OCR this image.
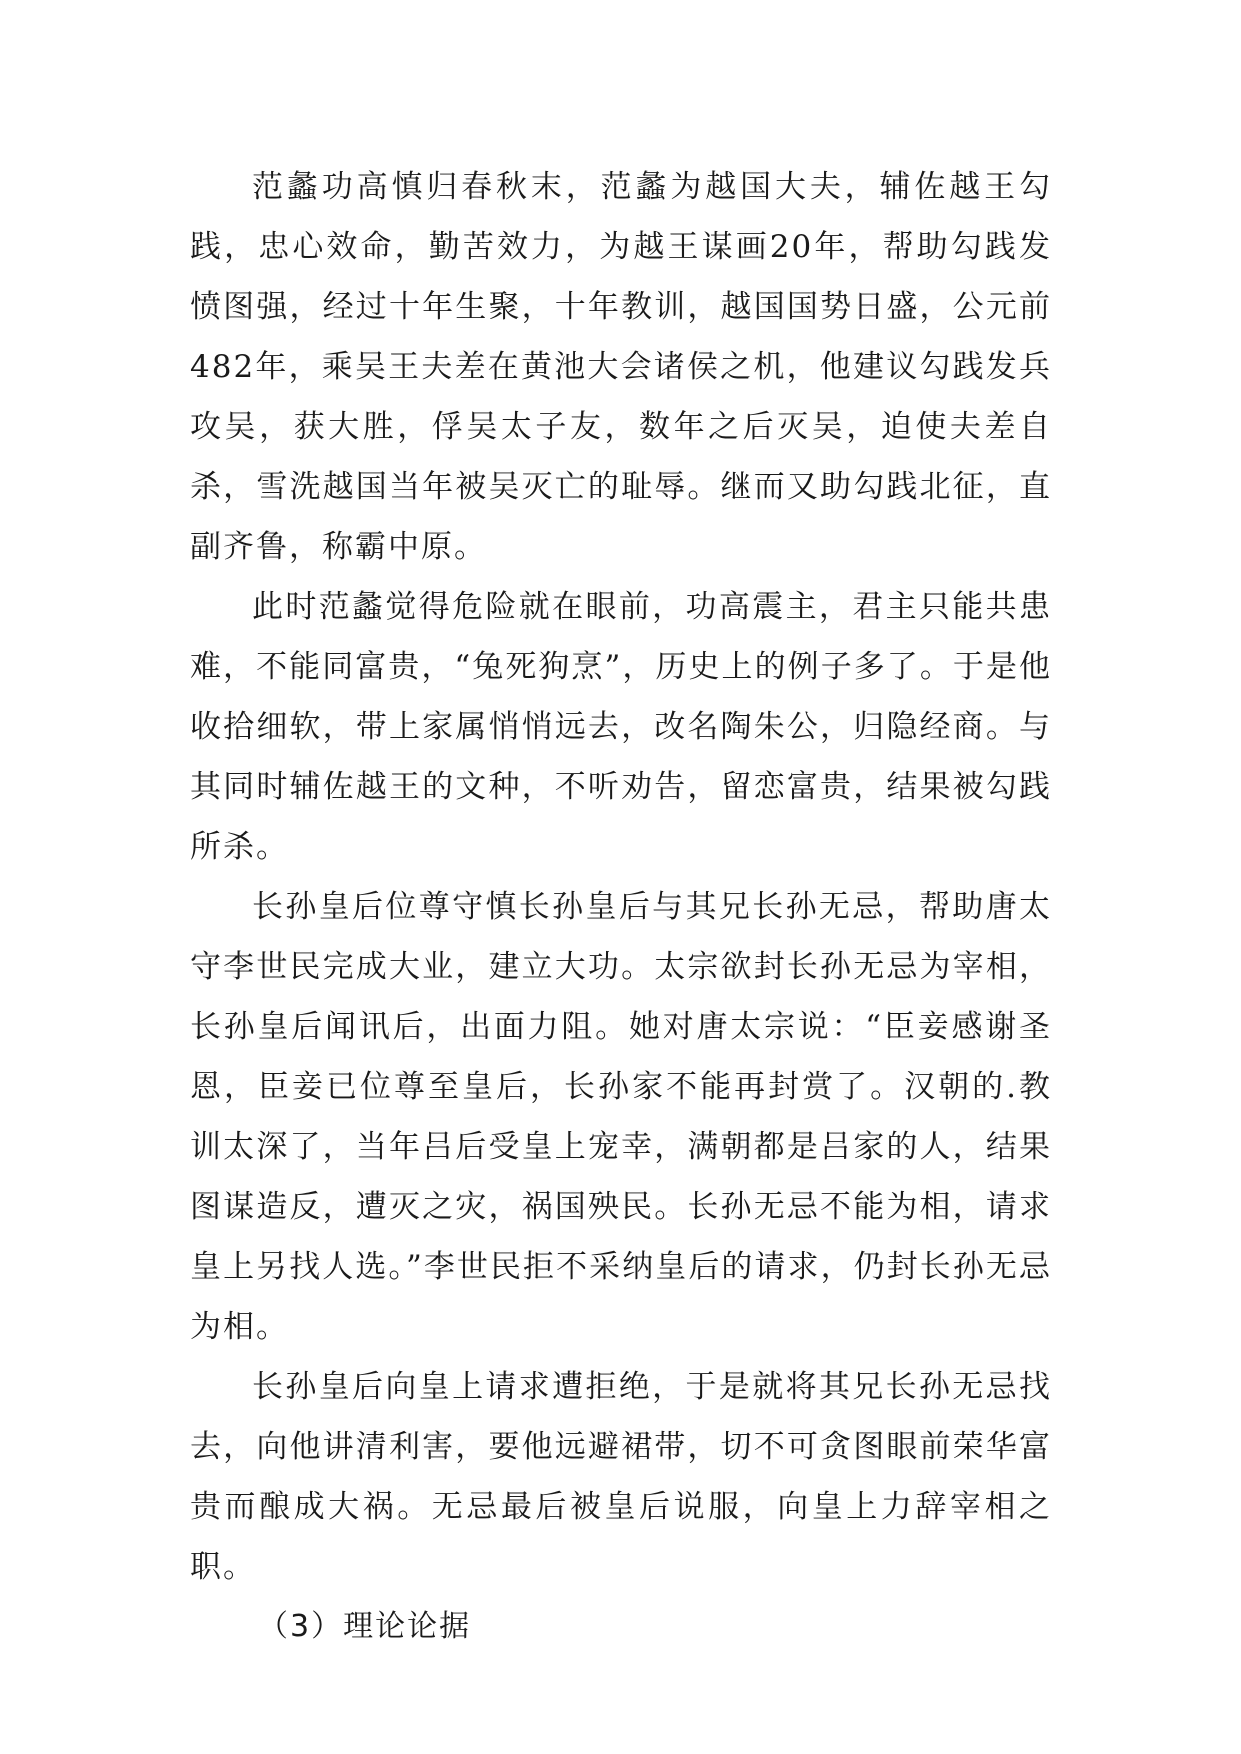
范蠡功高慎归春秋末，范蠡为越国大夫，辅佐越王勾践，忠心效命，勤苦效力，为越王谋画20年，帮助勾践发愤图强，经过十年生聚，十年教训，越国国势日盛，公元前482年，乘吴王夫差在黄池大会诸侯之机，他建议勾践发兵攻吴，获大胜，俘吴太子友，数年之后灭吴，迫使夫差自杀，雪洗越国当年被吴灭亡的耻辱。继而又助勾践北征，直副齐鲁，称霸中原。

此时范蠡觉得危险就在眼前，功高震主，君主只能共患难，不能同富贵，“兔死狗烹”，历史上的例子多了。于是他收拾细软，带上家属悄悄远去，改名陶朱公，归隐经商。与其同时辅佐越王的文种，不听劝告，留恋富贵，结果被勾践所杀。

长孙皇后位尊守慎长孙皇后与其兄长孙无忌，帮助唐太守李世民完成大业，建立大功。太宗欲封长孙无忌为宰相，长孙皇后闻讯后，出面力阻。她对唐太宗说：“臣妾感谢圣恩，臣妾已位尊至皇后，长孙家不能再封赏了。汉朝的.教训太深了，当年吕后受皇上宠幸，满朝都是吕家的人，结果图谋造反，遭灭之灾，祸国殃民。长孙无忌不能为相，请求皇上另找人选。”李世民拒不采纳皇后的请求，仍封长孙无忌为相。

长孙皇后向皇上请求遭拒绝，于是就将其兄长孙无忌找去，向他讲清利害，要他远避裙带，切不可贪图眼前荣华富贵而酿成大祸。无忌最后被皇后说服，向皇上力辞宰相之职。

（3）理论论据
